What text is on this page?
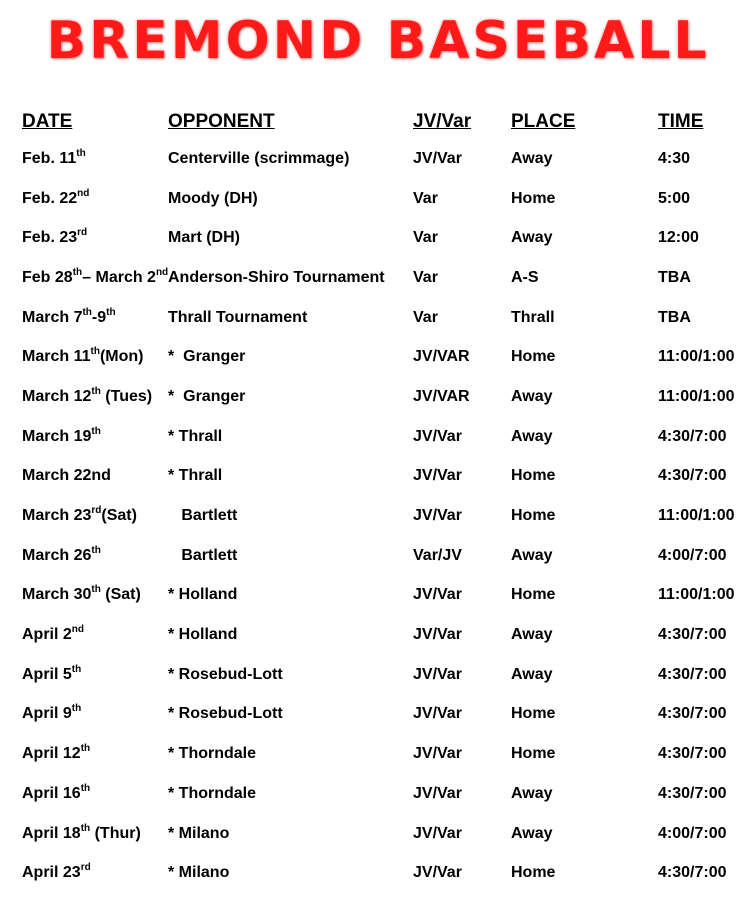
BREMOND BASEBALL
DATE	OPPONENT	JV/Var	PLACE	TIME
Feb. 11th	Centerville (scrimmage)	JV/Var	Away	4:30
Feb. 22nd	Moody (DH)	Var	Home	5:00
Feb. 23rd	Mart (DH)	Var	Away	12:00
Feb 28th– March 2nd	Anderson-Shiro Tournament	Var	A-S	TBA
March 7th-9th	Thrall Tournament	Var	Thrall	TBA
March 11th(Mon)	*  Granger	JV/VAR	Home	11:00/1:00
March 12th (Tues)	*  Granger	JV/VAR	Away	11:00/1:00
March 19th	* Thrall	JV/Var	Away	4:30/7:00
March 22nd	* Thrall	JV/Var	Home	4:30/7:00
March 23rd(Sat)	Bartlett	JV/Var	Home	11:00/1:00
March 26th	Bartlett	Var/JV	Away	4:00/7:00
March 30th (Sat)	* Holland	JV/Var	Home	11:00/1:00
April 2nd	* Holland	JV/Var	Away	4:30/7:00
April 5th	* Rosebud-Lott	JV/Var	Away	4:30/7:00
April 9th	* Rosebud-Lott	JV/Var	Home	4:30/7:00
April 12th	* Thorndale	JV/Var	Home	4:30/7:00
April 16th	* Thorndale	JV/Var	Away	4:30/7:00
April 18th (Thur)	* Milano	JV/Var	Away	4:00/7:00
April 23rd	* Milano	JV/Var	Home	4:30/7:00
